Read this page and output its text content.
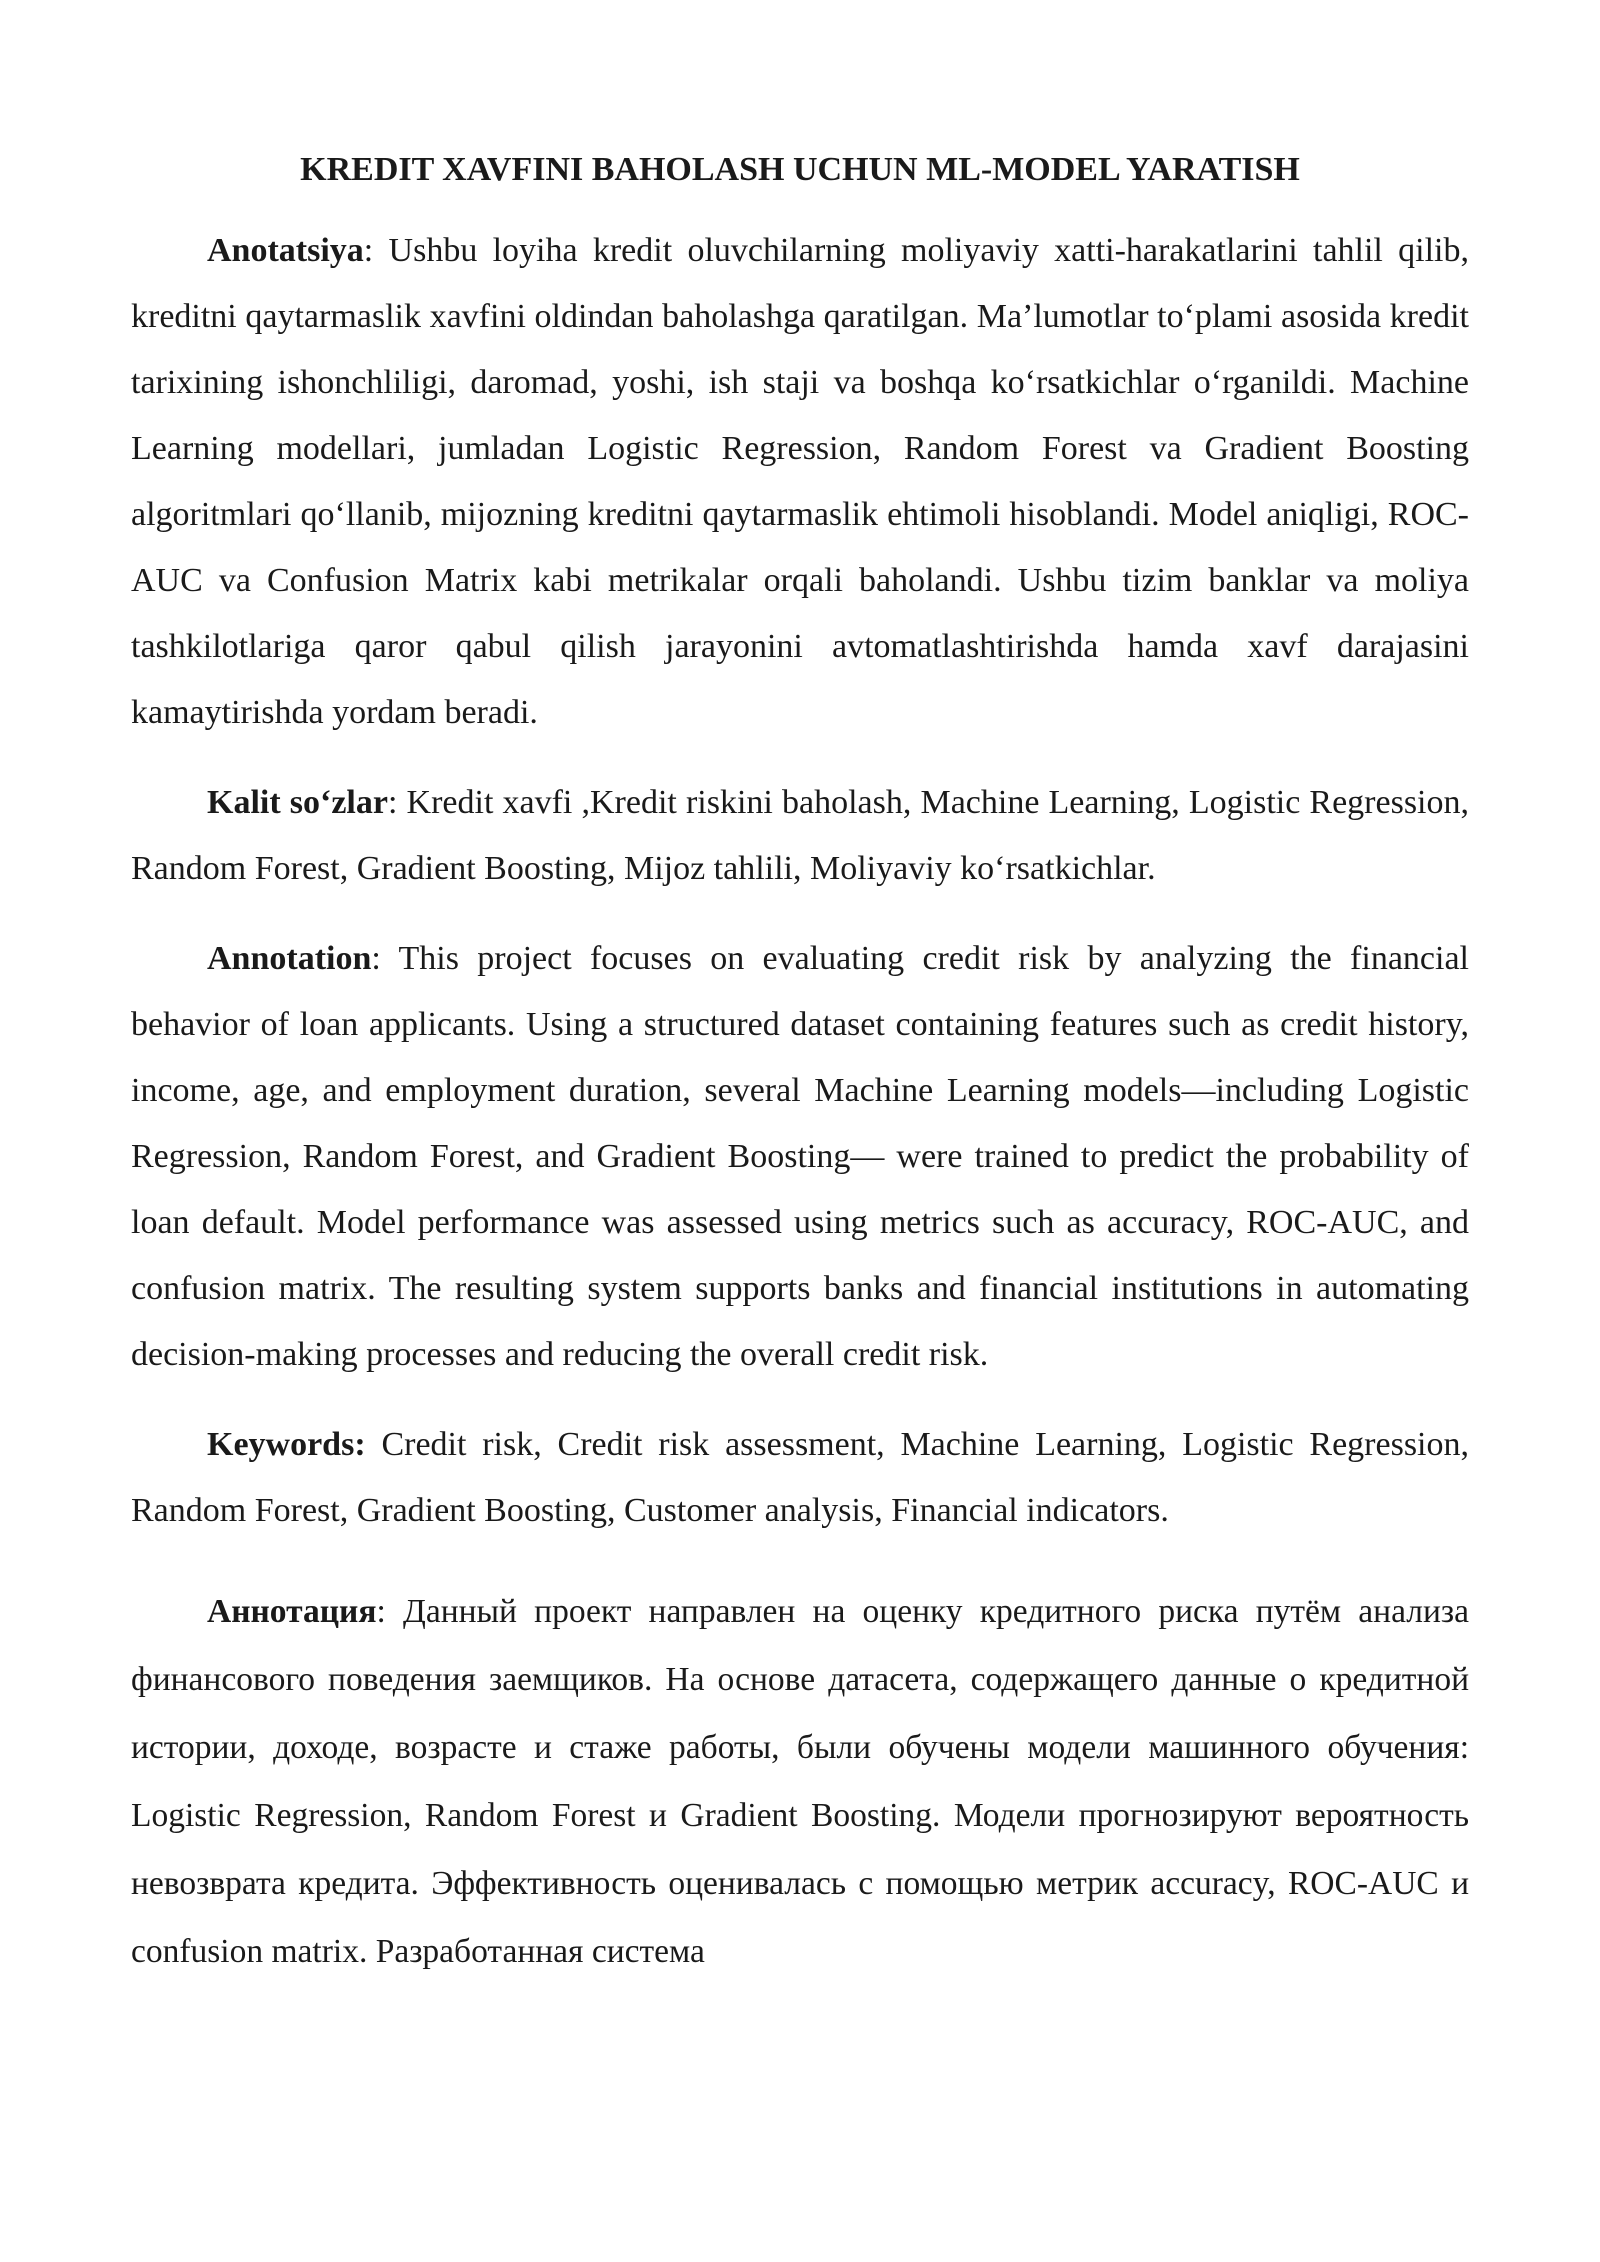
KREDIT XAVFINI BAHOLASH UCHUN ML-MODEL YARATISH

Anotatsiya: Ushbu loyiha kredit oluvchilarning moliyaviy xatti-harakatlarini tahlil qilib, kreditni qaytarmaslik xavfini oldindan baholashga qaratilgan. Ma’lumotlar to‘plami asosida kredit tarixining ishonchliligi, daromad, yoshi, ish staji va boshqa ko‘rsatkichlar o‘rganildi. Machine Learning modellari, jumladan Logistic Regression, Random Forest va Gradient Boosting algoritmlari qo‘llanib, mijozning kreditni qaytarmaslik ehtimoli hisoblandi. Model aniqligi, ROC-AUC va Confusion Matrix kabi metrikalar orqali baholandi. Ushbu tizim banklar va moliya tashkilotlariga qaror qabul qilish jarayonini avtomatlashtirishda hamda xavf darajasini kamaytirishda yordam beradi.

Kalit so‘zlar: Kredit xavfi ,Kredit riskini baholash, Machine Learning, Logistic Regression, Random Forest, Gradient Boosting, Mijoz tahlili, Moliyaviy ko‘rsatkichlar.

Annotation: This project focuses on evaluating credit risk by analyzing the financial behavior of loan applicants. Using a structured dataset containing features such as credit history, income, age, and employment duration, several Machine Learning models—including Logistic Regression, Random Forest, and Gradient Boosting— were trained to predict the probability of loan default. Model performance was assessed using metrics such as accuracy, ROC-AUC, and confusion matrix. The resulting system supports banks and financial institutions in automating decision-making processes and reducing the overall credit risk.

Keywords: Credit risk, Credit risk assessment, Machine Learning, Logistic Regression, Random Forest, Gradient Boosting, Customer analysis, Financial indicators.

Аннотация: Данный проект направлен на оценку кредитного риска путём анализа финансового поведения заемщиков. На основе датасета, содержащего данные о кредитной истории, доходе, возрасте и стаже работы, были обучены модели машинного обучения: Logistic Regression, Random Forest и Gradient Boosting. Модели прогнозируют вероятность невозврата кредита. Эффективность оценивалась с помощью метрик accuracy, ROC-AUC и confusion matrix. Разработанная система
